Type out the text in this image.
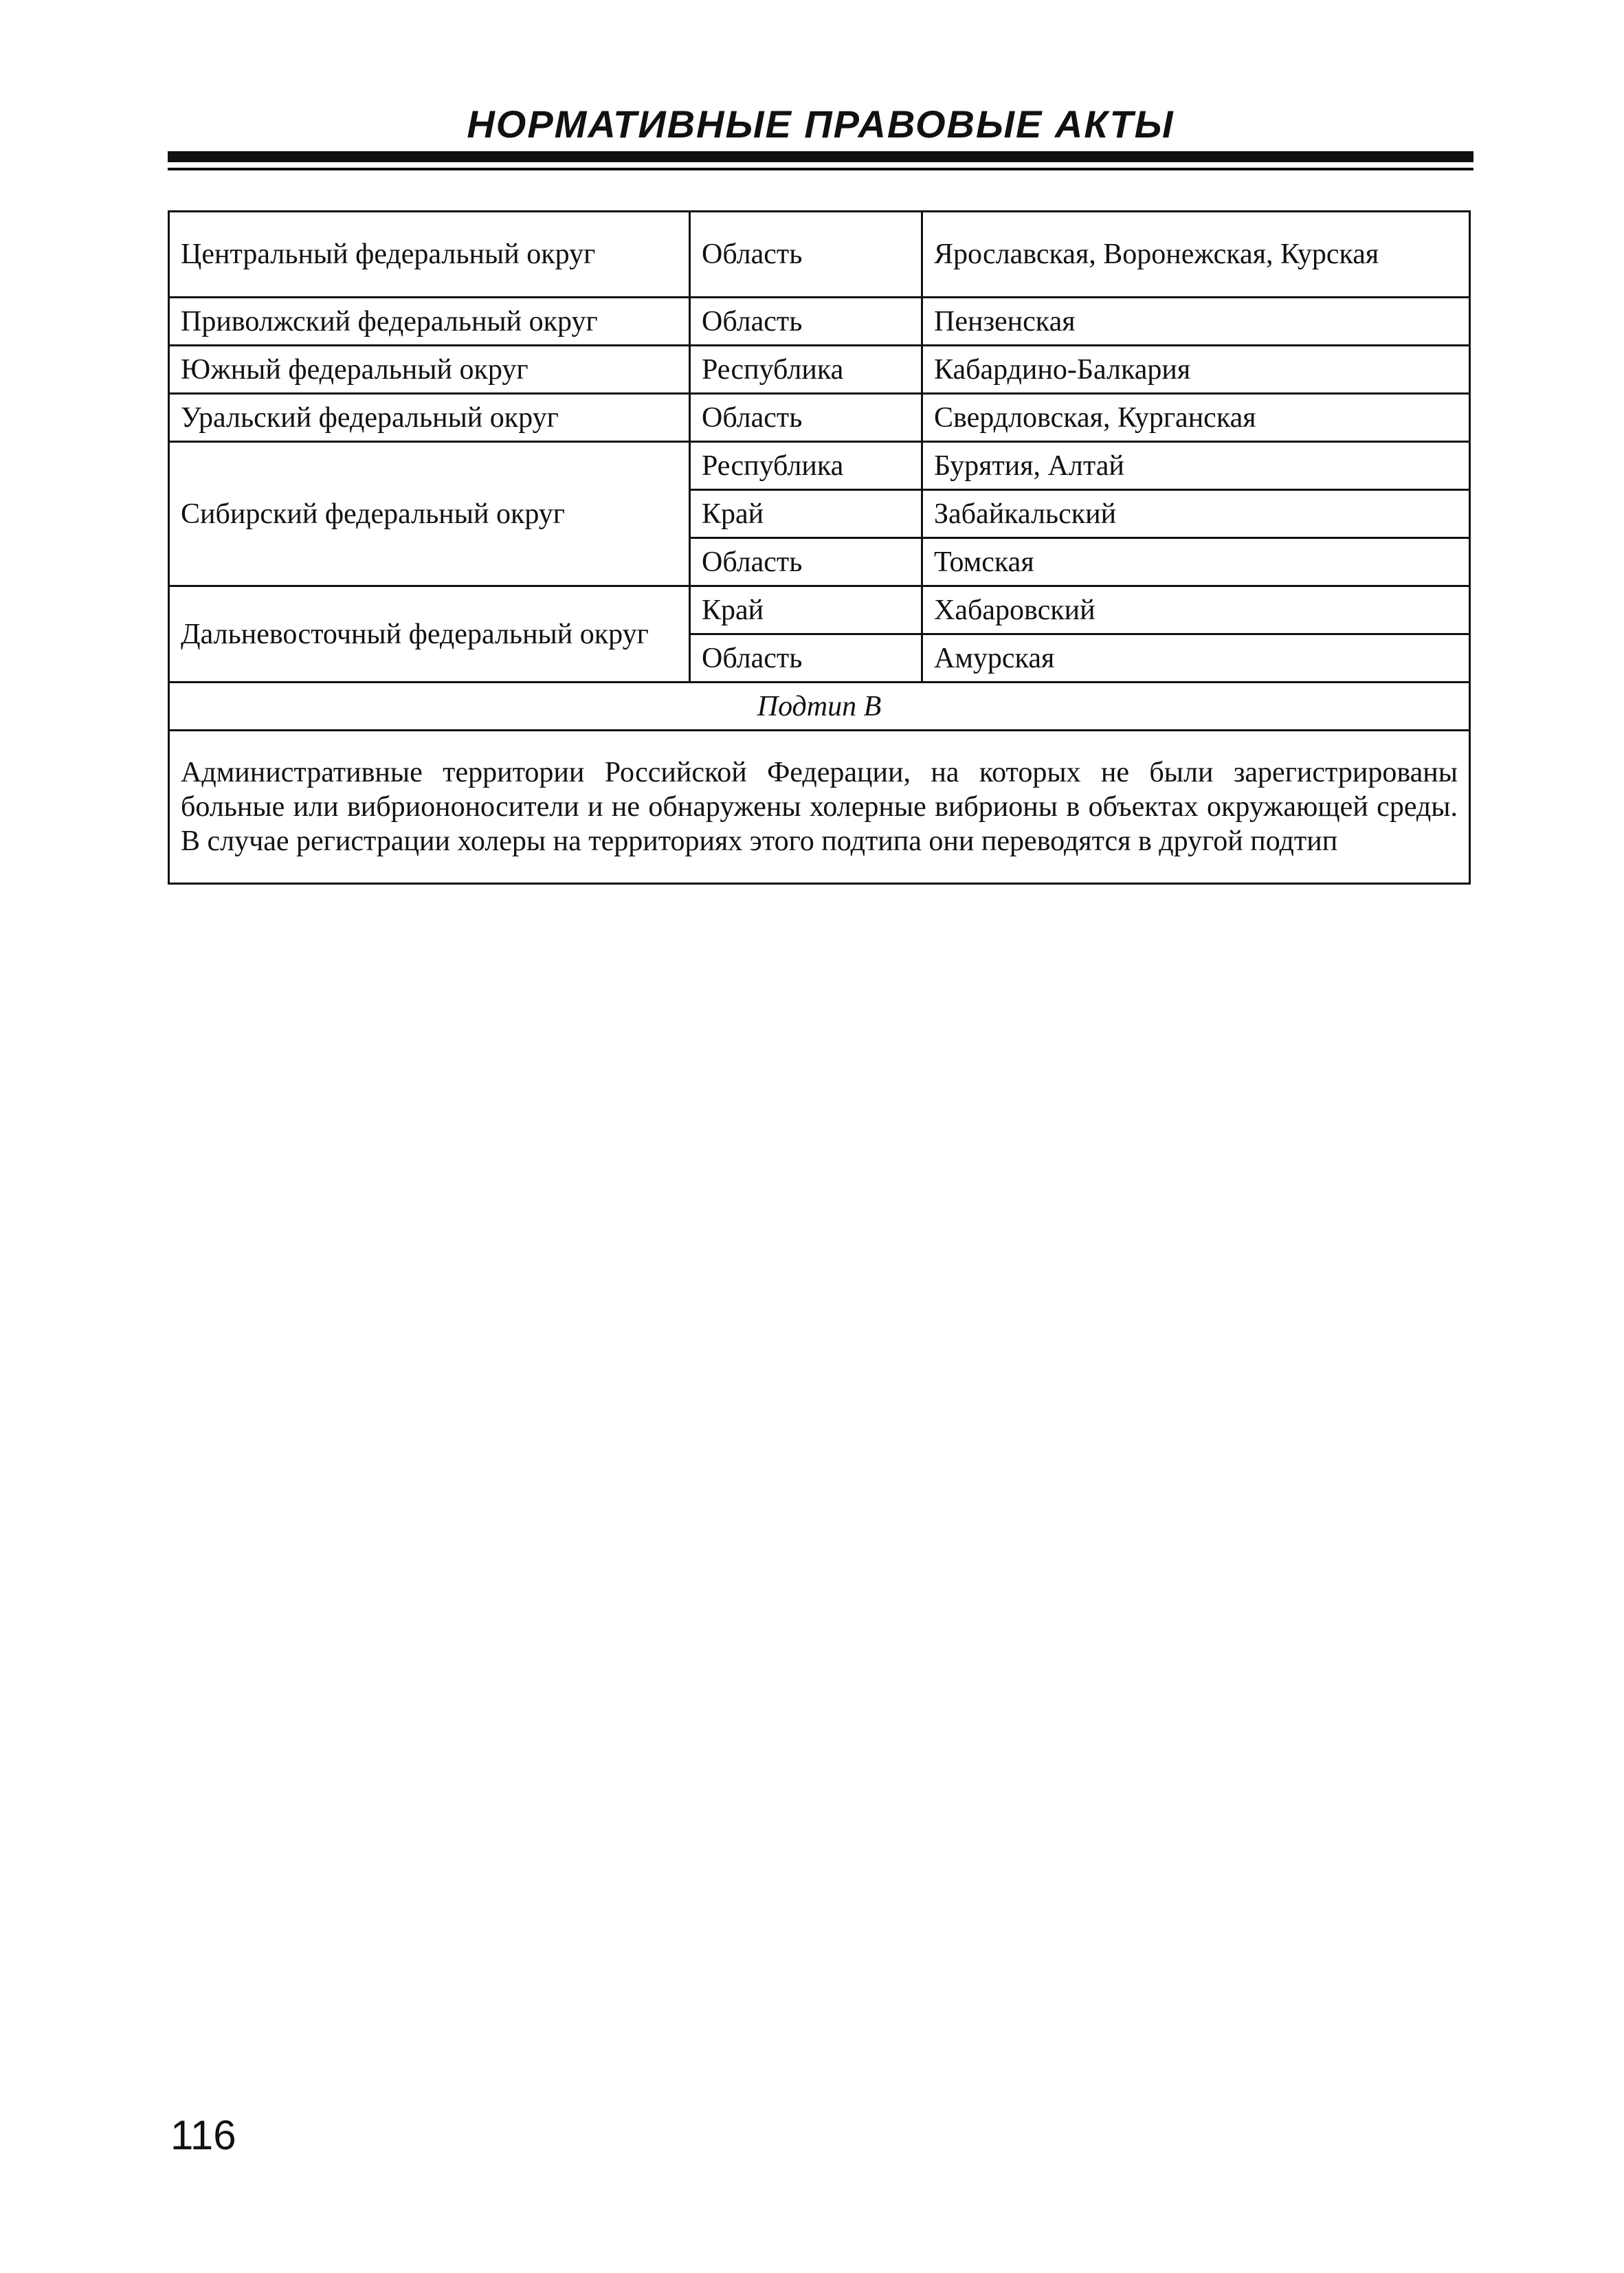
НОРМАТИВНЫЕ ПРАВОВЫЕ АКТЫ
Центральный федеральный округ	Область	Ярославская, Воронежская, Курская
Приволжский федеральный округ	Область	Пензенская
Южный федеральный округ	Республика	Кабардино-Балкария
Уральский федеральный округ	Область	Свердловская, Курганская
Сибирский федеральный округ	Республика	Бурятия, Алтай
	Край	Забайкальский
	Область	Томская
Дальневосточный федеральный округ	Край	Хабаровский
	Область	Амурская
Подтип В		
Административные территории Российской Федерации, на которых не были зарегистрированы больные или вибриононосители и не обнаружены холерные вибрионы в объектах окружающей среды. В случае регистрации холеры на территориях этого подтипа они переводятся в другой подтип		
116
